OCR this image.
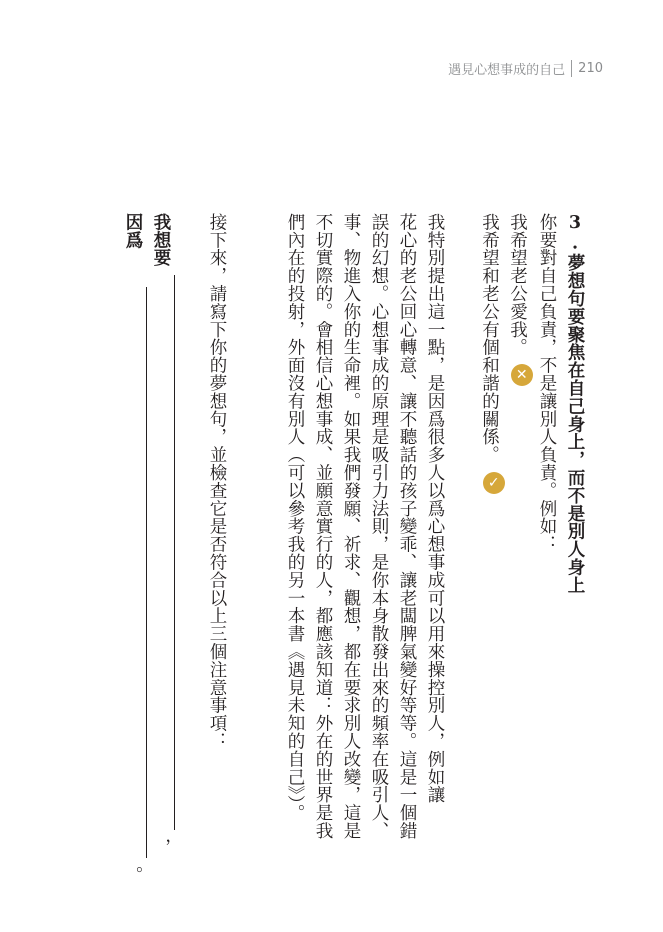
遇見心想事成的自己 210
3.夢想句要聚焦在自己身上，而不是別人身上
你要對自己負責，不是讓別人負責。例如：
我希望老公愛我。✕
我希望和老公有個和諧的關係。✓
我特別提出這一點，是因爲很多人以爲心想事成可以用來操控別人，例如讓
花心的老公回心轉意、讓不聽話的孩子變乖、讓老闆脾氣變好等等。這是一個錯
誤的幻想。心想事成的原理是吸引力法則，是你本身散發出來的頻率在吸引人、
事、物進入你的生命裡。如果我們發願、祈求、觀想，都在要求別人改變，這是
不切實際的。會相信心想事成、並願意實行的人，都應該知道：外在的世界是我
們內在的投射，外面沒有別人（可以參考我的另一本書《遇見未知的自己》）。
接下來，請寫下你的夢想句，並檢查它是否符合以上三個注意事項：
我想要，
因爲。
